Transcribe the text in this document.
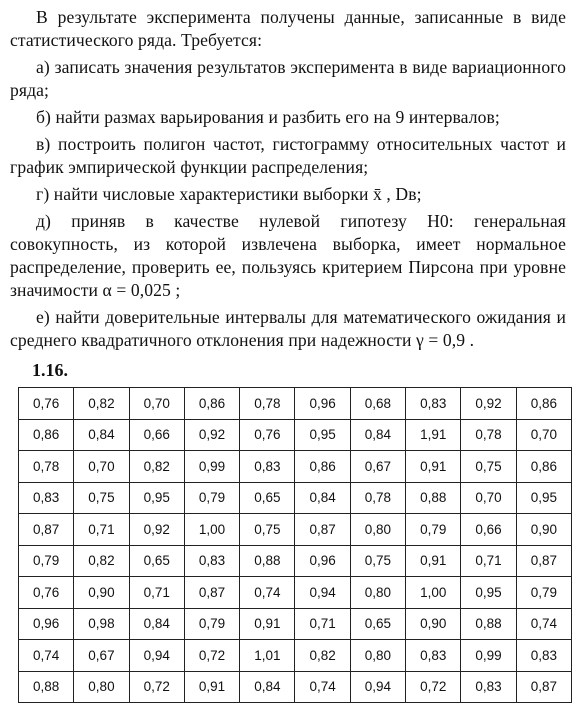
В результате эксперимента получены данные, записанные в виде статистического ряда. Требуется:

а) записать значения результатов эксперимента в виде вариационного ряда;

б) найти размах варьирования и разбить его на 9 интервалов;

в) построить полигон частот, гистограмму относительных частот и график эмпирической функции распределения;

г) найти числовые характеристики выборки x̄ , Dв;

д) приняв в качестве нулевой гипотезу H0: генеральная совокупность, из которой извлечена выборка, имеет нормальное распределение, проверить ее, пользуясь критерием Пирсона при уровне значимости α = 0,025 ;

е) найти доверительные интервалы для математического ожидания и среднего квадратичного отклонения при надежности γ = 0,9 .

1.16.
0,76	0,82	0,70	0,86	0,78	0,96	0,68	0,83	0,92	0,86
0,86	0,84	0,66	0,92	0,76	0,95	0,84	1,91	0,78	0,70
0,78	0,70	0,82	0,99	0,83	0,86	0,67	0,91	0,75	0,86
0,83	0,75	0,95	0,79	0,65	0,84	0,78	0,88	0,70	0,95
0,87	0,71	0,92	1,00	0,75	0,87	0,80	0,79	0,66	0,90
0,79	0,82	0,65	0,83	0,88	0,96	0,75	0,91	0,71	0,87
0,76	0,90	0,71	0,87	0,74	0,94	0,80	1,00	0,95	0,79
0,96	0,98	0,84	0,79	0,91	0,71	0,65	0,90	0,88	0,74
0,74	0,67	0,94	0,72	1,01	0,82	0,80	0,83	0,99	0,83
0,88	0,80	0,72	0,91	0,84	0,74	0,94	0,72	0,83	0,87
